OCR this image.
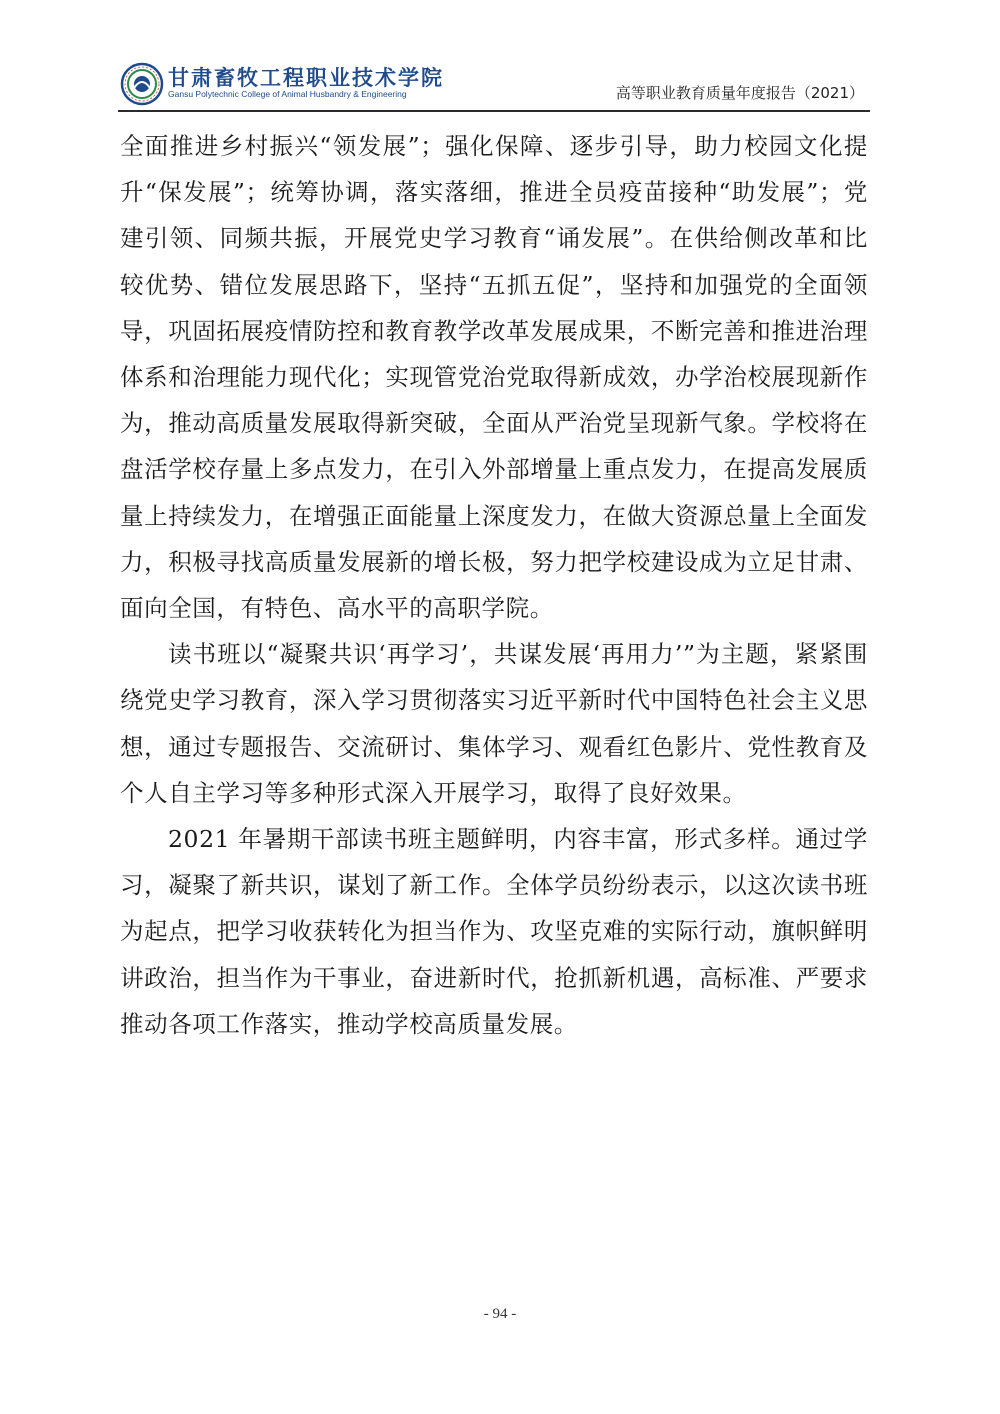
甘肃畜牧工程职业技术学院
Gansu Polytechnic College of Animal Husbandry & Engineering	高等职业教育质量年度报告（2021）

全面推进乡村振兴“领发展”；强化保障、逐步引导，助力校园文化提升“保发展”；统筹协调，落实落细，推进全员疫苗接种“助发展”；党建引领、同频共振，开展党史学习教育“诵发展”。在供给侧改革和比较优势、错位发展思路下，坚持“五抓五促”，坚持和加强党的全面领导，巩固拓展疫情防控和教育教学改革发展成果，不断完善和推进治理体系和治理能力现代化；实现管党治党取得新成效，办学治校展现新作为，推动高质量发展取得新突破，全面从严治党呈现新气象。学校将在盘活学校存量上多点发力，在引入外部增量上重点发力，在提高发展质量上持续发力，在增强正面能量上深度发力，在做大资源总量上全面发力，积极寻找高质量发展新的增长极，努力把学校建设成为立足甘肃、面向全国，有特色、高水平的高职学院。

读书班以“凝聚共识‘再学习’，共谋发展‘再用力’”为主题，紧紧围绕党史学习教育，深入学习贯彻落实习近平新时代中国特色社会主义思想，通过专题报告、交流研讨、集体学习、观看红色影片、党性教育及个人自主学习等多种形式深入开展学习，取得了良好效果。

2021 年暑期干部读书班主题鲜明，内容丰富，形式多样。通过学习，凝聚了新共识，谋划了新工作。全体学员纷纷表示，以这次读书班为起点，把学习收获转化为担当作为、攻坚克难的实际行动，旗帜鲜明讲政治，担当作为干事业，奋进新时代，抢抓新机遇，高标准、严要求推动各项工作落实，推动学校高质量发展。

- 94 -
